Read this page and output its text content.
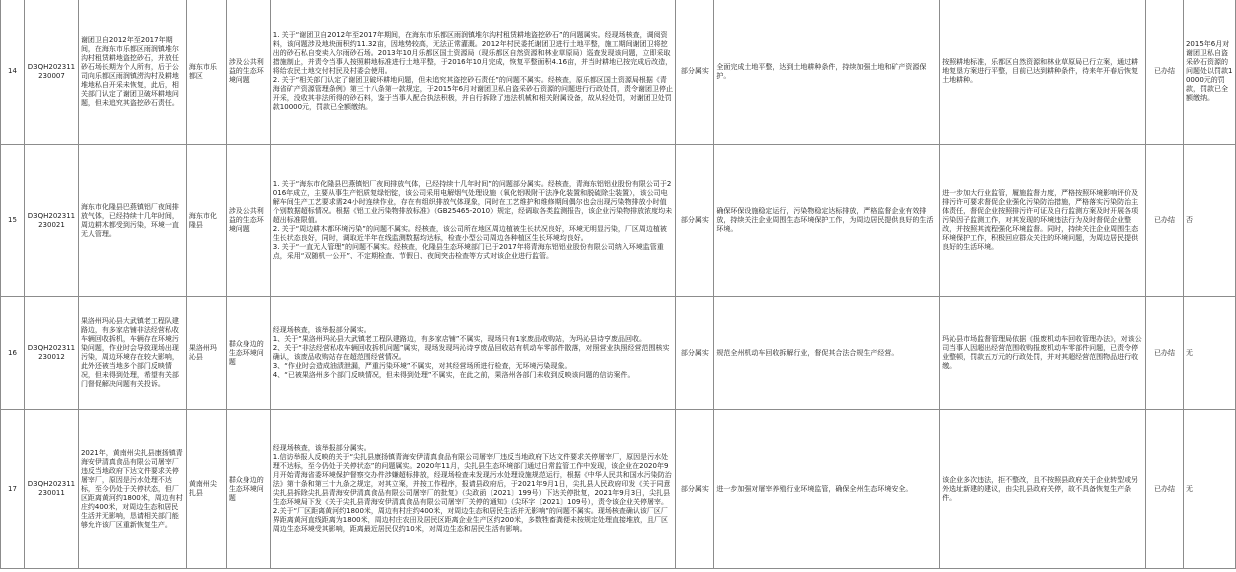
14	D3QH202311230007	谢团卫自2012年至2017年期间，在海东市乐都区雨润镇堆尔沟村租赁耕地盗挖砂石，并放任砂石场长期为个人所有，后于公司向乐都区雨润镇涝沟村及耕地堆地私自开采未恢复，此后，相关部门认定了谢团卫破坏耕地问题，但未追究其盗挖砂石责任。	海东市乐都区	涉及公共利益的生态环境问题	1. 关于“谢团卫自2012年至2017年期间，在海东市乐都区雨润镇堆尔沟村租赁耕地盗挖砂石”的问题属实。经现场核查，调阅资料，该问题涉及地块面积约11.32亩，因地势较高，无法正常灌溉。2012年村民委托谢团卫进行土地平整，施工期间谢团卫将挖出的砂石私自变卖入尔雨砂石场。2013年10月乐都区国土资源局（现乐都区自然资源和林业草原局）巡查发现该问题，立即采取措施制止，并责令当事人按照耕地标准进行土地平整，于2016年10月完成，恢复平整面积4.16亩，并当时耕地已按完成后改造，将给农民土地交付村民及村委会使用。
2. 关于“相关部门认定了谢团卫破坏耕地问题，但未追究其盗挖砂石责任”的问题不属实。经核查，原乐都区国土资源局根据《青海省矿产资源管理条例》第三十八条第一款规定，于2015年6月对谢团卫私自盗采砂石资源的问题进行行政处罚，责令谢团卫停止开采，没收其非法所得的砂石料，鉴于当事人配合执法积极，并自行拆除了违法机械和相关附属设备，故从轻处罚，对谢团卫处罚款10000元，罚款已全额缴纳。	部分属实	全面完成土地平整，达到土地耕种条件，持续加强土地和矿产资源保护。	按照耕地标准，乐都区自然资源和林业草原局已行立案，通过耕地复垦方案进行平整，目前已达到耕种条件，待来年开春后恢复土地耕种。	已办结	2015年6月对谢团卫私自盗采砂石资源的问题处以罚款10000元的罚款，罚款已全额缴纳。
15	D3QH202311230021	海东市化隆县巴燕镇铝厂夜间排放气体，已经持续十几年时间，周边耕木都受到污染，环境一直无人管理。	海东市化隆县	涉及公共利益的生态环境问题	1. 关于“海东市化隆县巴燕镇铝厂夜间排放气体，已经持续十几年时间”的问题部分属实。经核查，青海东铝铝业股份有限公司于2016年成立，主要从事生产铝质复绿铝锭，该公司采用电解烟气处理设施（氧化铝吸附干法净化装置和脱硫除尘装置），该公司电解车间生产工艺要求需24小时连续作业，存在有组织排放气体现象，同时在工艺维护和维修期间偶尔也会出现污染物排放小时值个别数据超标情况。根据《铝工业污染物排放标准》（GB25465-2010）规定，经调取各类监测报告，该企业污染物排放浓度均未超出标准限值。
2. 关于“周边耕木都环境污染”的问题不属实。经核查，该公司所在地区周边植被生长状况良好，环境无明显污染，厂区周边植被生长状态良好，同时，调取近半年在线监测数据均达标，检查小型公司周边各种植区生长环境均良好。
3. 关于“一直无人管理”的问题不属实。经核查，化隆县生态环境部门已于2017年将青海东铝铝业股份有限公司纳入环境监管重点，采用“双随机一公开”、不定期检查、节假日、夜间突击检查等方式对该企业进行监管。	部分属实	确保环保设施稳定运行，污染物稳定达标排放，严格监督企业有效排放，持续关注企业周围生态环境保护工作，为周边居民提供良好的生活环境。	进一步加大行业监管，履施监督力度，严格按照环境影响评价及排污许可要求督促企业强化污染防治措施，严格落实污染防治主体责任，督促企业按照排污许可证及自行监测方案及时开展各项污染因子监测工作，对其发现的环境违法行为及时督促企业整改，并按照其流程强化环境监督。同时，持续关注企业周围生态环境保护工作，积极回应群众关注的环境问题，为周边居民提供良好的生活环境。	已办结	否
16	D3QH202311230012	果洛州玛沁县大武镇老工程队建路边，有多家店铺非法经营私收车辆回收拆机，车辆存在环境污染问题，作业时会导致现场出现污染，周边环境存在较大影响，此外还被当地多个部门反映情况，但未得到处理，希望有关部门督促解决问题有关投诉。	果洛州玛沁县	群众身边的生态环境问题	经现场核查，该举报部分属实。
1、关于“果洛州玛沁县大武镇老工程队建路边，有多家店铺”不属实，现场只有1家废品收购站，为玛沁县诗亨废品回收。
2、关于“非法经营私收车辆回收拆机问题”属实，现场发现玛沁诗亨废品回收站有机动车零部件散落，对照营业执照经营范围核实确认，该废品收购站存在超范围经营情况。
3、“作业时会造成油渍泄漏，严重污染环境”不属实，对其经营场所进行检查，无环境污染现象。
4、“已被果洛州多个部门反映情况，但未得到处理”不属实，在此之前，果洛州各部门未收到反映该问题的信访案件。	部分属实	规范全州机动车回收拆解行业，督促其合法合规生产经营。	玛沁县市场监督管理局依据《报废机动车回收管理办法》，对该公司当事人因超出经营范围收购报废机动车零部件问题，已责令停业整顿，罚款五万元的行政处罚，并对其超经营范围物品进行收缴。	已办结	无
17	D3QH202311230011	2021年，黄南州尖扎县康扬镇青海安伊清真食品有限公司屠宰厂违反当地政府下达文件要求关停屠宰厂，原因是污水处理不达标，至今仍处于关停状态，但厂区距离黄河约1800米，周边有村庄约400米，对周边生态和居民生活并无影响，恳请相关部门能够允许该厂区重新恢复生产。	黄南州尖扎县	群众身边的生态环境问题	经现场核查，该举报部分属实。
1.信访举报人反映的关于“尖扎县康扬镇青海安伊清真食品有限公司屠宰厂违反当地政府下达文件要求关停屠宰厂，原因是污水处理不达标，至今仍处于关停状态”的问题属实。2020年11月，尖扎县生态环境部门通过日常监管工作中发现，该企业在2020年9月开始青海省委环境保护督察交办件涉嫌超标排放，经现场检查未发现污水处理设施规范运行，根据《中华人民共和国水污染防治法》第十条和第三十九条之规定，对其立案，并按工作程序，报请县政府后，于2021年9月1日，尖扎县人民政府印发《关于同意尖扎县拆除尖扎县青海安伊清真食品有限公司屠宰厂的批复》（尖政函〔2021〕199号）下达关停批复，2021年9月3日，尖扎县生态环境局下发《关于尖扎县青海安伊清真食品有限公司屠宰厂关停的通知》（尖环字〔2021〕109号），责令该企业关停屠宰。
2.关于“厂区距离黄河约1800米，周边有村庄约400米，对周边生态和居民生活并无影响”的问题不属实。现场核查确认该厂区厂界距离黄河直线距离为1800米，周边村庄农田及居民区距离企业生产区约200米，多数牲畜粪便未按规定处理直接堆放，且厂区周边生态环境受其影响，距离最近居民仅约10米，对周边生态和居民生活有影响。	部分属实	进一步加强对屠宰养殖行业环境监管，确保全州生态环境安全。	该企业多次违法，拒不整改，且不按照县政府关于企业转型或另外选址新建的建议，由尖扎县政府关停，故不具备恢复生产条件。	已办结	无
